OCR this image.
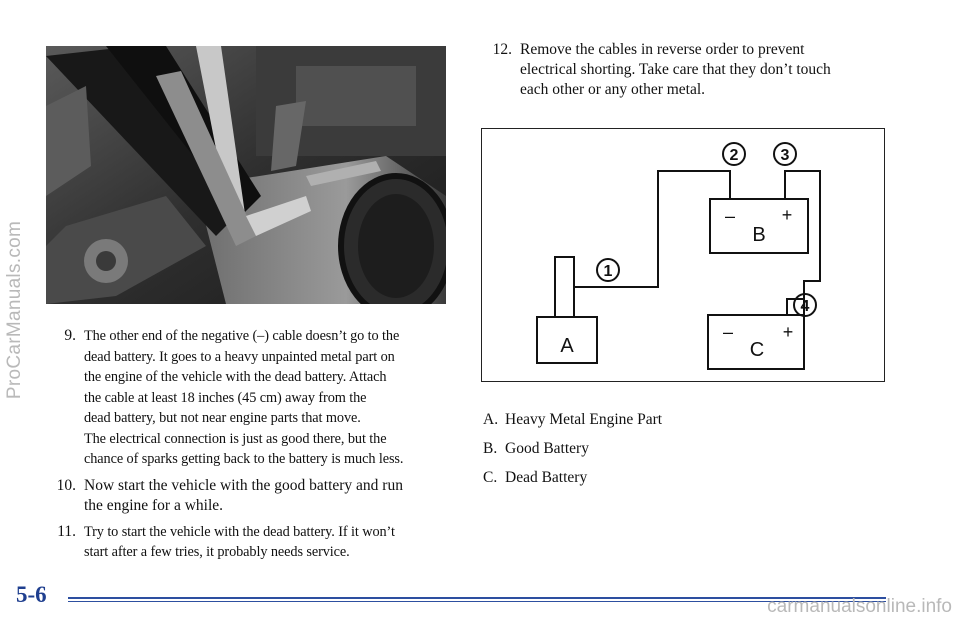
ProCarManuals.com	9. The other end of the negative (–) cable doesn’t go to the
dead battery. It goes to a heavy unpainted metal part on
the engine of the vehicle with the dead battery. Attach
the cable at least 18 inches (45 cm) away from the
dead battery, but not near engine parts that move.
The electrical connection is just as good there, but the
chance of sparks getting back to the battery is much less.
10. Now start the vehicle with the good battery and run
the engine for a while.
11. Try to start the vehicle with the dead battery. If it won’t
start after a few tries, it probably needs service.
12. Remove the cables in reverse order to prevent
electrical shorting. Take care that they don’t touch
each other or any other metal.
2	3
1
4
A
B
–	+
C
–	+
A. Heavy Metal Engine Part
B. Good Battery
C. Dead Battery
5-6	carmanualsonline.info
